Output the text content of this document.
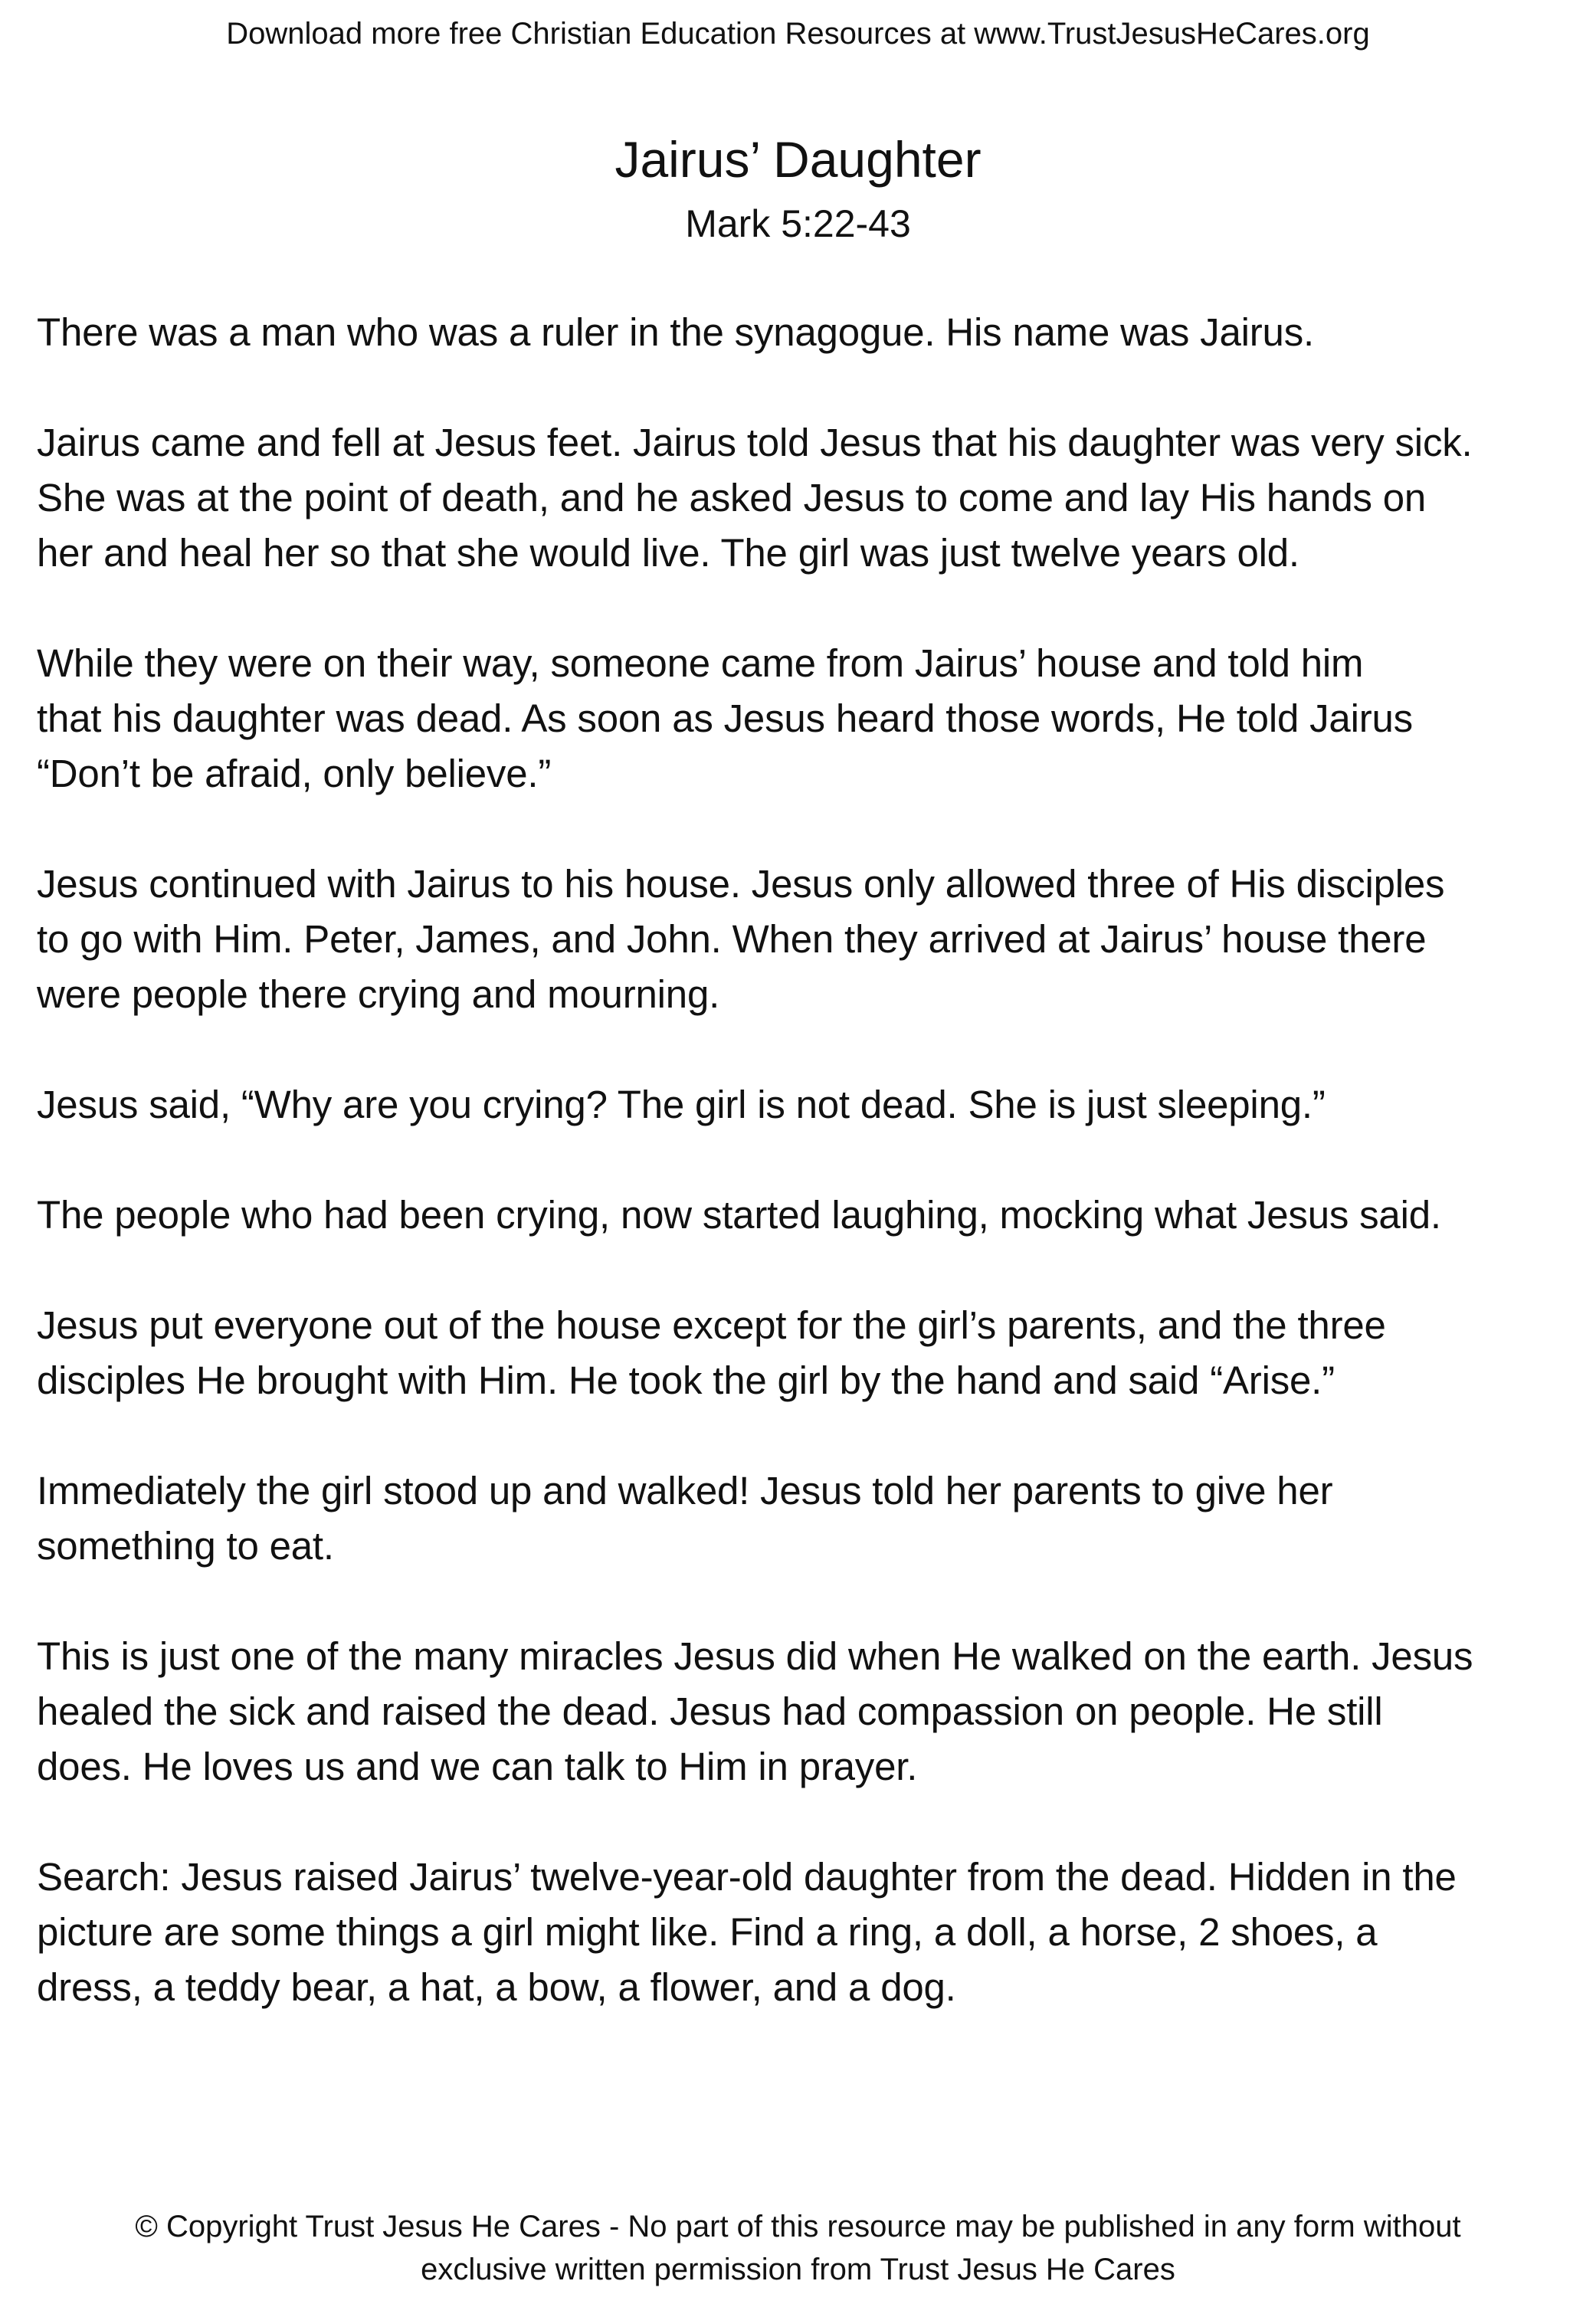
Download more free Christian Education Resources at www.TrustJesusHeCares.org
Jairus’ Daughter
Mark 5:22-43

There was a man who was a ruler in the synagogue. His name was Jairus.

Jairus came and fell at Jesus feet. Jairus told Jesus that his daughter was very sick.
She was at the point of death, and he asked Jesus to come and lay His hands on
her and heal her so that she would live. The girl was just twelve years old.

While they were on their way, someone came from Jairus’ house and told him
that his daughter was dead. As soon as Jesus heard those words, He told Jairus
“Don’t be afraid, only believe.”

Jesus continued with Jairus to his house. Jesus only allowed three of His disciples
to go with Him. Peter, James, and John. When they arrived at Jairus’ house there
were people there crying and mourning.

Jesus said, “Why are you crying? The girl is not dead. She is just sleeping.”

The people who had been crying, now started laughing, mocking what Jesus said.

Jesus put everyone out of the house except for the girl’s parents, and the three
disciples He brought with Him. He took the girl by the hand and said “Arise.”

Immediately the girl stood up and walked! Jesus told her parents to give her
something to eat.

This is just one of the many miracles Jesus did when He walked on the earth. Jesus
healed the sick and raised the dead. Jesus had compassion on people. He still
does. He loves us and we can talk to Him in prayer.

Search: Jesus raised Jairus’ twelve-year-old daughter from the dead. Hidden in the
picture are some things a girl might like. Find a ring, a doll, a horse, 2 shoes, a
dress, a teddy bear, a hat, a bow, a flower, and a dog.

© Copyright Trust Jesus He Cares - No part of this resource may be published in any form without
exclusive written permission from Trust Jesus He Cares
